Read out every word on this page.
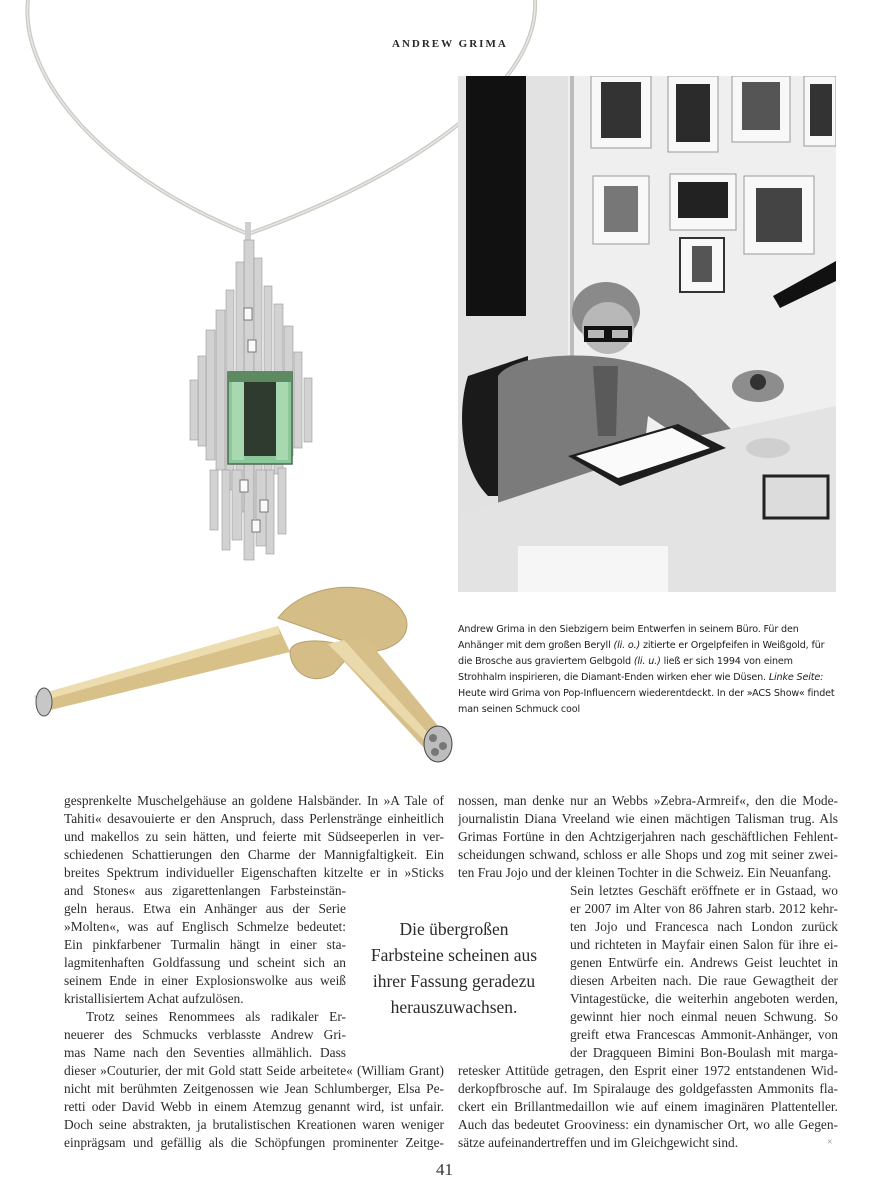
ANDREW GRIMA
Andrew Grima in den Siebzigern beim Entwerfen in seinem Büro. Für den Anhänger mit dem großen Beryll (li. o.) zitierte er Orgelpfeifen in Weißgold, für die Brosche aus graviertem Gelbgold (li. u.) ließ er sich 1994 von einem Strohhalm inspirieren, die Diamant-Enden wirken eher wie Düsen. Linke Seite: Heute wird Grima von Pop-Influencern wiederentdeckt. In der »ACS Show« findet man seinen Schmuck cool
gesprenkelte Muschelgehäuse an goldene Halsbänder. In »A Tale of
Tahiti« desavouierte er den Anspruch, dass Perlenstränge einheitlich
und makellos zu sein hätten, und feierte mit Südseeperlen in ver-
schiedenen Schattierungen den Charme der Mannigfaltigkeit. Ein
breites Spektrum individueller Eigenschaften kitzelte er in »Sticks
and Stones« aus zigarettenlangen Farbsteinstän-
geln heraus. Etwa ein Anhänger aus der Serie
»Molten«, was auf Englisch Schmelze bedeutet:
Ein pinkfarbener Turmalin hängt in einer sta-
lagmitenhaften Goldfassung und scheint sich an
seinem Ende in einer Explosionswolke aus weiß
kristallisiertem Achat aufzulösen.
Trotz seines Renommees als radikaler Er-
neuerer des Schmucks verblasste Andrew Gri-
mas Name nach den Seventies allmählich. Dass
dieser »Couturier, der mit Gold statt Seide arbeitete« (William Grant)
nicht mit berühmten Zeitgenossen wie Jean Schlumberger, Elsa Pe-
retti oder David Webb in einem Atemzug genannt wird, ist unfair.
Doch seine abstrakten, ja brutalistischen Kreationen waren weniger
einprägsam und gefällig als die Schöpfungen prominenter Zeitge-
nossen, man denke nur an Webbs »Zebra-Armreif«, den die Mode-
journalistin Diana Vreeland wie einen mächtigen Talisman trug. Als
Grimas Fortüne in den Achtzigerjahren nach geschäftlichen Fehlent-
scheidungen schwand, schloss er alle Shops und zog mit seiner zwei-
ten Frau Jojo und der kleinen Tochter in die Schweiz. Ein Neuanfang.
Sein letztes Geschäft eröffnete er in Gstaad, wo
er 2007 im Alter von 86 Jahren starb. 2012 kehr-
ten Jojo und Francesca nach London zurück
und richteten in Mayfair einen Salon für ihre ei-
genen Entwürfe ein. Andrews Geist leuchtet in
diesen Arbeiten nach. Die raue Gewagtheit der
Vintagestücke, die weiterhin angeboten werden,
gewinnt hier noch einmal neuen Schwung. So
greift etwa Francescas Ammonit-Anhänger, von
der Dragqueen Bimini Bon-Boulash mit marga-
retesker Attitüde getragen, den Esprit einer 1972 entstandenen Wid-
derkopfbrosche auf. Im Spiralauge des goldgefassten Ammonits fla-
ckert ein Brillantmedaillon wie auf einem imaginären Plattenteller.
Auch das bedeutet Grooviness: ein dynamischer Ort, wo alle Gegen-
sätze aufeinandertreffen und im Gleichgewicht sind.
Die übergroßen
Farbsteine scheinen aus
ihrer Fassung geradezu
herauszuwachsen.
×
41
